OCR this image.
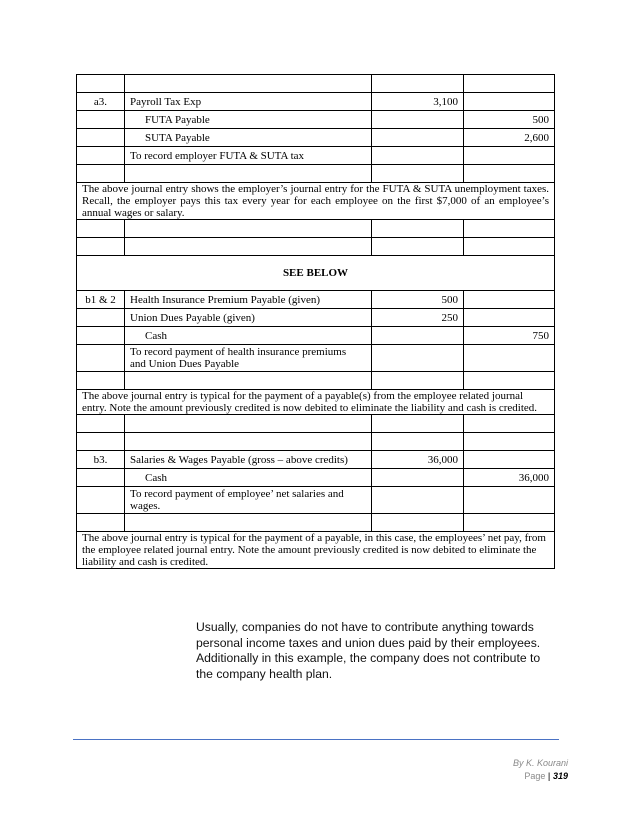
a3.	Payroll Tax Exp	3,100	
	FUTA Payable		500
	SUTA Payable		2,600
	To record employer FUTA & SUTA tax		

The above journal entry shows the employer’s journal entry for the FUTA & SUTA unemployment taxes. Recall, the employer pays this tax every year for each employee on the first $7,000 of an employee’s annual wages or salary.			

SEE BELOW			
b1 & 2	Health Insurance Premium Payable (given)	500	
	Union Dues Payable (given)	250	
	Cash		750
	To record payment of health insurance premiums
and Union Dues Payable		

The above journal entry is typical for the payment of a payable(s) from the employee related journal entry. Note the amount previously credited is now debited to eliminate the liability and cash is credited.			

b3.	Salaries & Wages Payable (gross – above credits)	36,000	
	Cash		36,000
	To record payment of employee’ net salaries and
wages.		

The above journal entry is typical for the payment of a payable, in this case, the employees’ net pay, from the employee related journal entry. Note the amount previously credited is now debited to eliminate the liability and cash is credited.			
Usually, companies do not have to contribute anything towards personal income taxes and union dues paid by their employees. Additionally in this example, the company does not contribute to the company health plan.
By K. Kourani
Page | 319
